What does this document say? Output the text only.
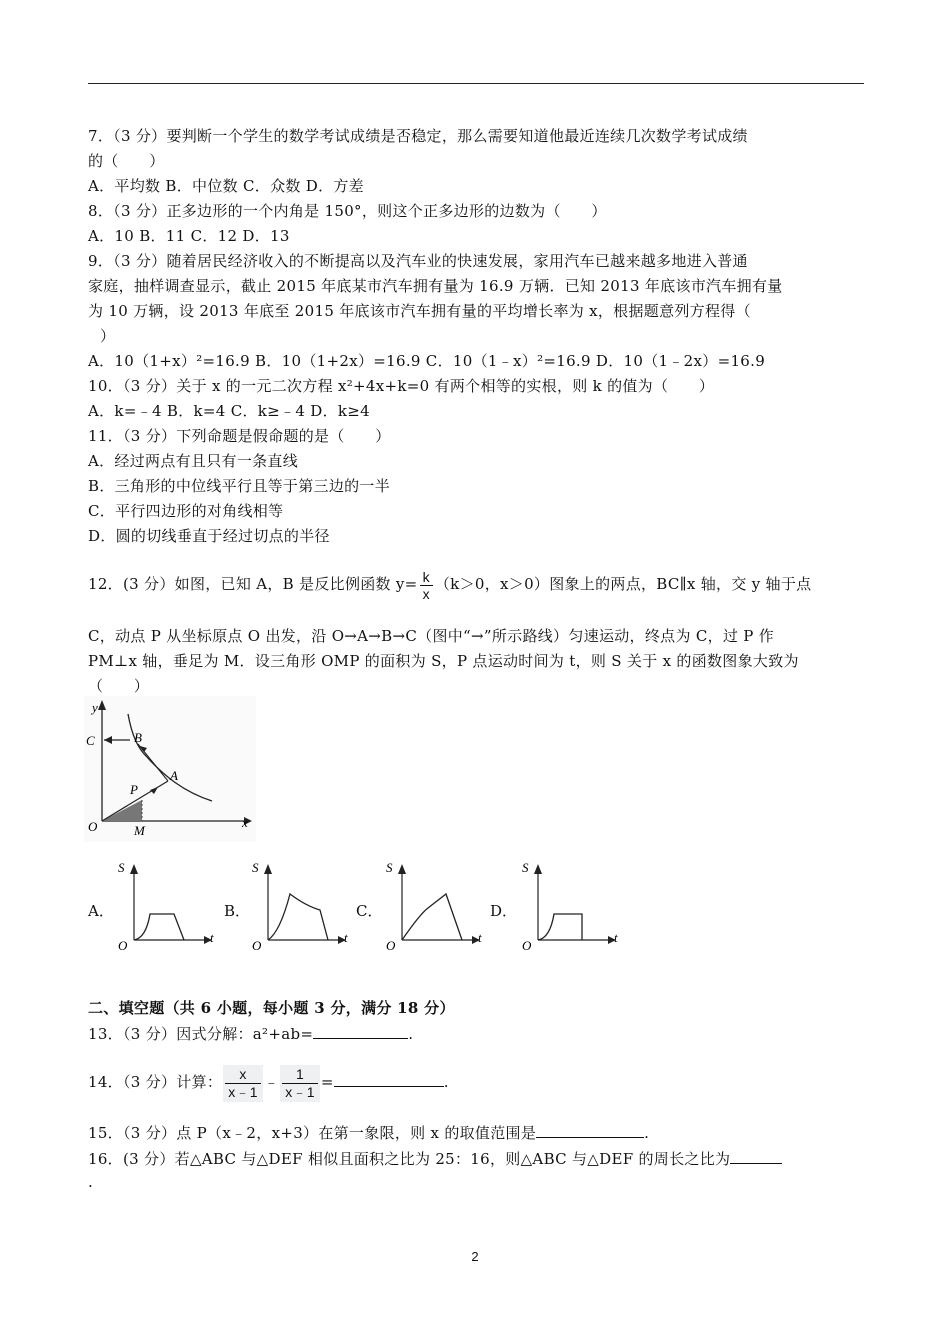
7．（3 分）要判断一个学生的数学考试成绩是否稳定，那么需要知道他最近连续几次数学考试成绩
的（　　）
A．平均数 B．中位数 C．众数 D．方差
8．（3 分）正多边形的一个内角是 150°，则这个正多边形的边数为（　　）
A．10 B．11 C．12 D．13
9．（3 分）随着居民经济收入的不断提高以及汽车业的快速发展，家用汽车已越来越多地进入普通
家庭，抽样调查显示，截止 2015 年底某市汽车拥有量为 16.9 万辆．已知 2013 年底该市汽车拥有量
为 10 万辆，设 2013 年底至 2015 年底该市汽车拥有量的平均增长率为 x，根据题意列方程得（
）
A．10（1+x）²=16.9 B．10（1+2x）=16.9 C．10（1﹣x）²=16.9 D．10（1﹣2x）=16.9
10．（3 分）关于 x 的一元二次方程 x²+4x+k=0 有两个相等的实根，则 k 的值为（　　）
A．k=﹣4 B．k=4 C．k≥﹣4 D．k≥4
11．（3 分）下列命题是假命题的是（　　）
A．经过两点有且只有一条直线
B．三角形的中位线平行且等于第三边的一半
C．平行四边形的对角线相等
D．圆的切线垂直于经过切点的半径
12．(3 分）如图，已知 A，B 是反比例函数 $y= \frac{k}{x} (k>0$，x＞0）图象上的两点，BC∥x 轴，交 y 轴于点
C，动点 P 从坐标原点 O 出发，沿 O→A→B→C（图中“→”所示路线）匀速运动，终点为 C，过 P 作
PM⊥x 轴，垂足为 M．设三角形 OMP 的面积为 S，P 点运动时间为 t，则 S 关于 x 的函数图象大致为
（　　）
y
x
O
C	B
A
P
M
A．
S
t
O
B．
S
t
O
C．
S
t
O
D．
S
t
O
二、填空题（共 6 小题，每小题 3 分，满分 18 分）
13．（3 分）因式分解：a²+ab=	.
14．（3 分）计算： $\frac{x}{x﹣1}$ ﹣ $\frac{1}{x﹣1}$ =	.
15．（3 分）点 P（x﹣2，x+3）在第一象限，则 x 的取值范围是	.
16．(3 分）若△ABC 与△DEF 相似且面积之比为 25：16，则△ABC 与△DEF 的周长之比为
.
2
